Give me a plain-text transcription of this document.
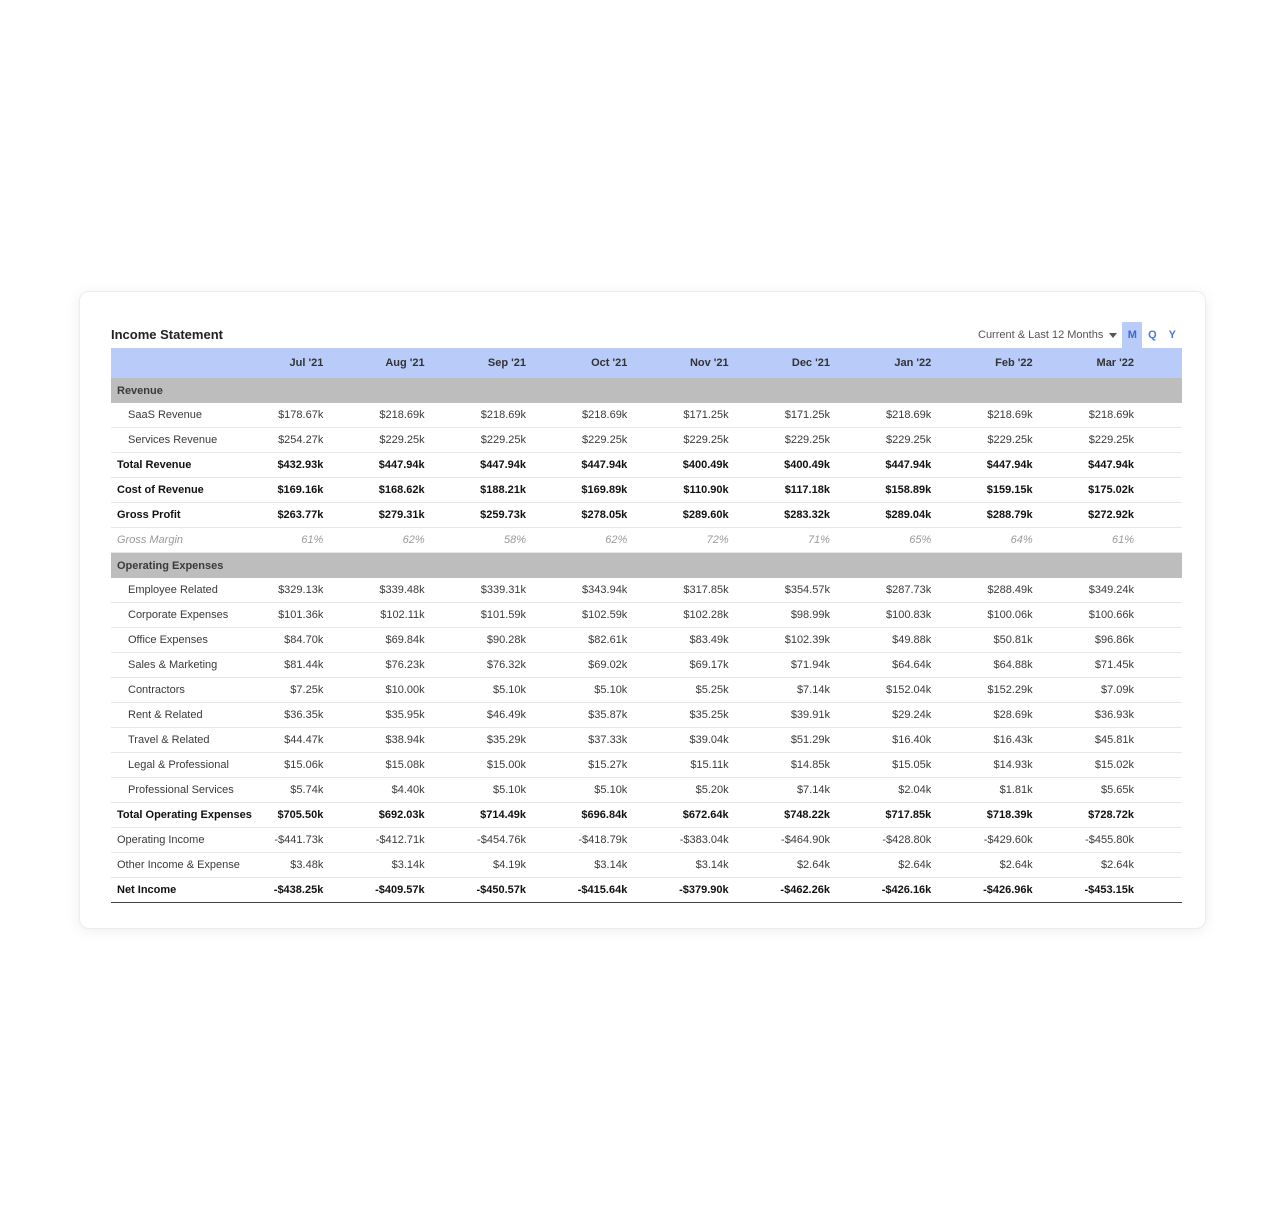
Income Statement	Current & Last 12 Months	M	Q	Y
	Jul '21	Aug '21	Sep '21	Oct '21	Nov '21	Dec '21	Jan '22	Feb '22	Mar '22
Revenue									
SaaS Revenue	$178.67k	$218.69k	$218.69k	$218.69k	$171.25k	$171.25k	$218.69k	$218.69k	$218.69k
Services Revenue	$254.27k	$229.25k	$229.25k	$229.25k	$229.25k	$229.25k	$229.25k	$229.25k	$229.25k
Total Revenue	$432.93k	$447.94k	$447.94k	$447.94k	$400.49k	$400.49k	$447.94k	$447.94k	$447.94k
Cost of Revenue	$169.16k	$168.62k	$188.21k	$169.89k	$110.90k	$117.18k	$158.89k	$159.15k	$175.02k
Gross Profit	$263.77k	$279.31k	$259.73k	$278.05k	$289.60k	$283.32k	$289.04k	$288.79k	$272.92k
Gross Margin	61%	62%	58%	62%	72%	71%	65%	64%	61%
Operating Expenses									
Employee Related	$329.13k	$339.48k	$339.31k	$343.94k	$317.85k	$354.57k	$287.73k	$288.49k	$349.24k
Corporate Expenses	$101.36k	$102.11k	$101.59k	$102.59k	$102.28k	$98.99k	$100.83k	$100.06k	$100.66k
Office Expenses	$84.70k	$69.84k	$90.28k	$82.61k	$83.49k	$102.39k	$49.88k	$50.81k	$96.86k
Sales & Marketing	$81.44k	$76.23k	$76.32k	$69.02k	$69.17k	$71.94k	$64.64k	$64.88k	$71.45k
Contractors	$7.25k	$10.00k	$5.10k	$5.10k	$5.25k	$7.14k	$152.04k	$152.29k	$7.09k
Rent & Related	$36.35k	$35.95k	$46.49k	$35.87k	$35.25k	$39.91k	$29.24k	$28.69k	$36.93k
Travel & Related	$44.47k	$38.94k	$35.29k	$37.33k	$39.04k	$51.29k	$16.40k	$16.43k	$45.81k
Legal & Professional	$15.06k	$15.08k	$15.00k	$15.27k	$15.11k	$14.85k	$15.05k	$14.93k	$15.02k
Professional Services	$5.74k	$4.40k	$5.10k	$5.10k	$5.20k	$7.14k	$2.04k	$1.81k	$5.65k
Total Operating Expenses	$705.50k	$692.03k	$714.49k	$696.84k	$672.64k	$748.22k	$717.85k	$718.39k	$728.72k
Operating Income	-$441.73k	-$412.71k	-$454.76k	-$418.79k	-$383.04k	-$464.90k	-$428.80k	-$429.60k	-$455.80k
Other Income & Expense	$3.48k	$3.14k	$4.19k	$3.14k	$3.14k	$2.64k	$2.64k	$2.64k	$2.64k
Net Income	-$438.25k	-$409.57k	-$450.57k	-$415.64k	-$379.90k	-$462.26k	-$426.16k	-$426.96k	-$453.15k
